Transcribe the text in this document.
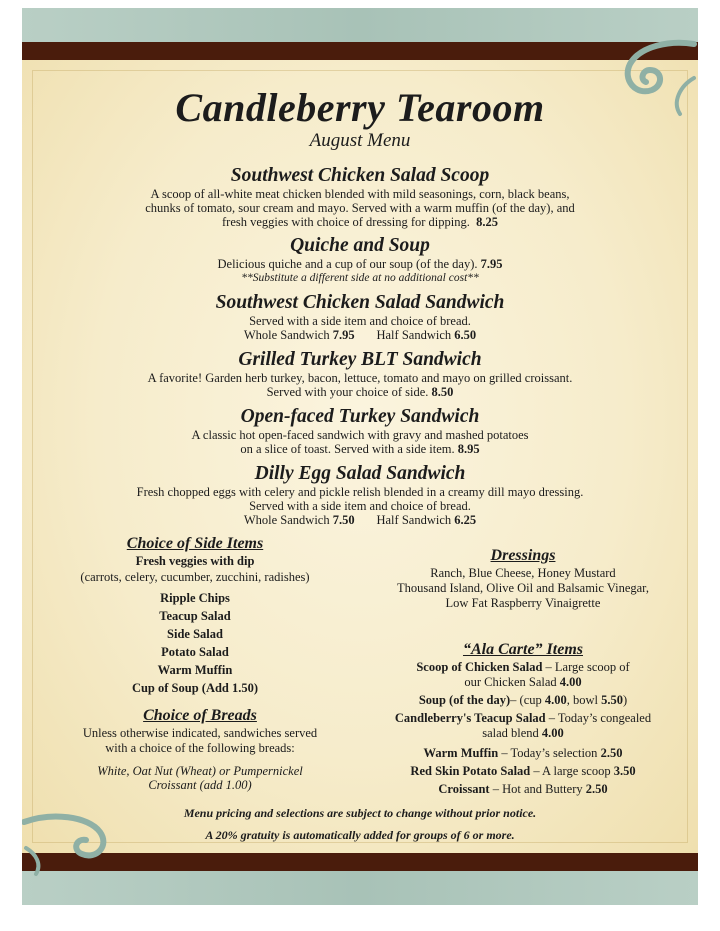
Candleberry Tearoom
August Menu
Southwest Chicken Salad Scoop

A scoop of all-white meat chicken blended with mild seasonings, corn, black beans,

chunks of tomato, sour cream and mayo. Served with a warm muffin (of the day), and

fresh veggies with choice of dressing for dipping. 8.25

Quiche and Soup

Delicious quiche and a cup of our soup (of the day). 7.95

**Substitute a different side at no additional cost**

Southwest Chicken Salad Sandwich

Served with a side item and choice of bread.

Whole Sandwich 7.95 Half Sandwich 6.50

Grilled Turkey BLT Sandwich

A favorite! Garden herb turkey, bacon, lettuce, tomato and mayo on grilled croissant.

Served with your choice of side. 8.50

Open-faced Turkey Sandwich

A classic hot open-faced sandwich with gravy and mashed potatoes

on a slice of toast. Served with a side item. 8.95

Dilly Egg Salad Sandwich

Fresh chopped eggs with celery and pickle relish blended in a creamy dill mayo dressing.

Served with a side item and choice of bread.

Whole Sandwich 7.50 Half Sandwich 6.25

Choice of Side Items
Fresh veggies with dip
(carrots, celery, cucumber, zucchini, radishes)
Ripple Chips
Teacup Salad
Side Salad
Potato Salad
Warm Muffin
Cup of Soup (Add 1.50)
Choice of Breads
Unless otherwise indicated, sandwiches served
with a choice of the following breads:
White, Oat Nut (Wheat) or Pumpernickel
Croissant (add 1.00)
Dressings
Ranch, Blue Cheese, Honey Mustard
Thousand Island, Olive Oil and Balsamic Vinegar,
Low Fat Raspberry Vinaigrette
“Ala Carte” Items
Scoop of Chicken Salad – Large scoop of
our Chicken Salad 4.00
Soup (of the day)– (cup 4.00, bowl 5.50)
Candleberry's Teacup Salad – Today’s congealed
salad blend 4.00
Warm Muffin – Today’s selection 2.50
Red Skin Potato Salad – A large scoop 3.50
Croissant – Hot and Buttery 2.50
Menu pricing and selections are subject to change without prior notice.
A 20% gratuity is automatically added for groups of 6 or more.
